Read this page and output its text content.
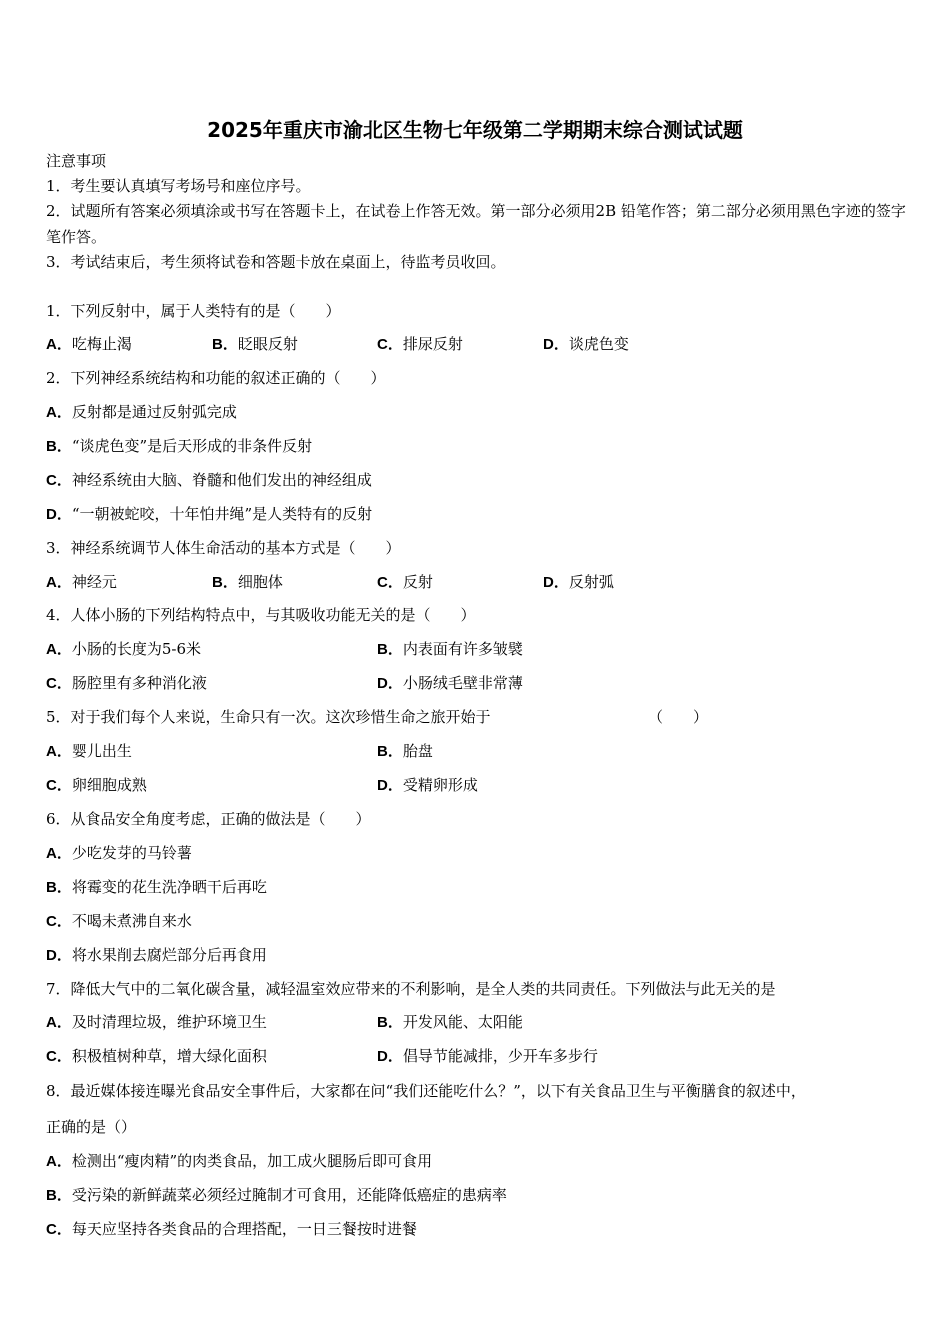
2025年重庆市渝北区生物七年级第二学期期末综合测试试题
注意事项
1．考生要认真填写考场号和座位序号。
2．试题所有答案必须填涂或书写在答题卡上，在试卷上作答无效。第一部分必须用2B 铅笔作答；第二部分必须用黑色字迹的签字笔作答。
3．考试结束后，考生须将试卷和答题卡放在桌面上，待监考员收回。
1．下列反射中，属于人类特有的是（　　）
A．吃梅止渴	B．眨眼反射	C．排尿反射	D．谈虎色变
2．下列神经系统结构和功能的叙述正确的（　　）
A．反射都是通过反射弧完成
B．“谈虎色变”是后天形成的非条件反射
C．神经系统由大脑、脊髓和他们发出的神经组成
D．“一朝被蛇咬，十年怕井绳”是人类特有的反射
3．神经系统调节人体生命活动的基本方式是（　　）
A．神经元	B．细胞体	C．反射	D．反射弧
4．人体小肠的下列结构特点中，与其吸收功能无关的是（　　）
A．小肠的长度为5-6米	B．内表面有许多皱襞
C．肠腔里有多种消化液	D．小肠绒毛壁非常薄
5．对于我们每个人来说，生命只有一次。这次珍惜生命之旅开始于	（　　）
A．婴儿出生	B．胎盘
C．卵细胞成熟	D．受精卵形成
6．从食品安全角度考虑，正确的做法是（　　）
A．少吃发芽的马铃薯
B．将霉变的花生洗净晒干后再吃
C．不喝未煮沸自来水
D．将水果削去腐烂部分后再食用
7．降低大气中的二氧化碳含量，减轻温室效应带来的不利影响，是全人类的共同责任。下列做法与此无关的是
A．及时清理垃圾，维护环境卫生	B．开发风能、太阳能
C．积极植树种草，增大绿化面积	D．倡导节能减排，少开车多步行
8．最近媒体接连曝光食品安全事件后，大家都在问“我们还能吃什么？”，以下有关食品卫生与平衡膳食的叙述中，
正确的是（）
A．检测出“瘦肉精”的肉类食品，加工成火腿肠后即可食用
B．受污染的新鲜蔬菜必须经过腌制才可食用，还能降低癌症的患病率
C．每天应坚持各类食品的合理搭配，一日三餐按时进餐
